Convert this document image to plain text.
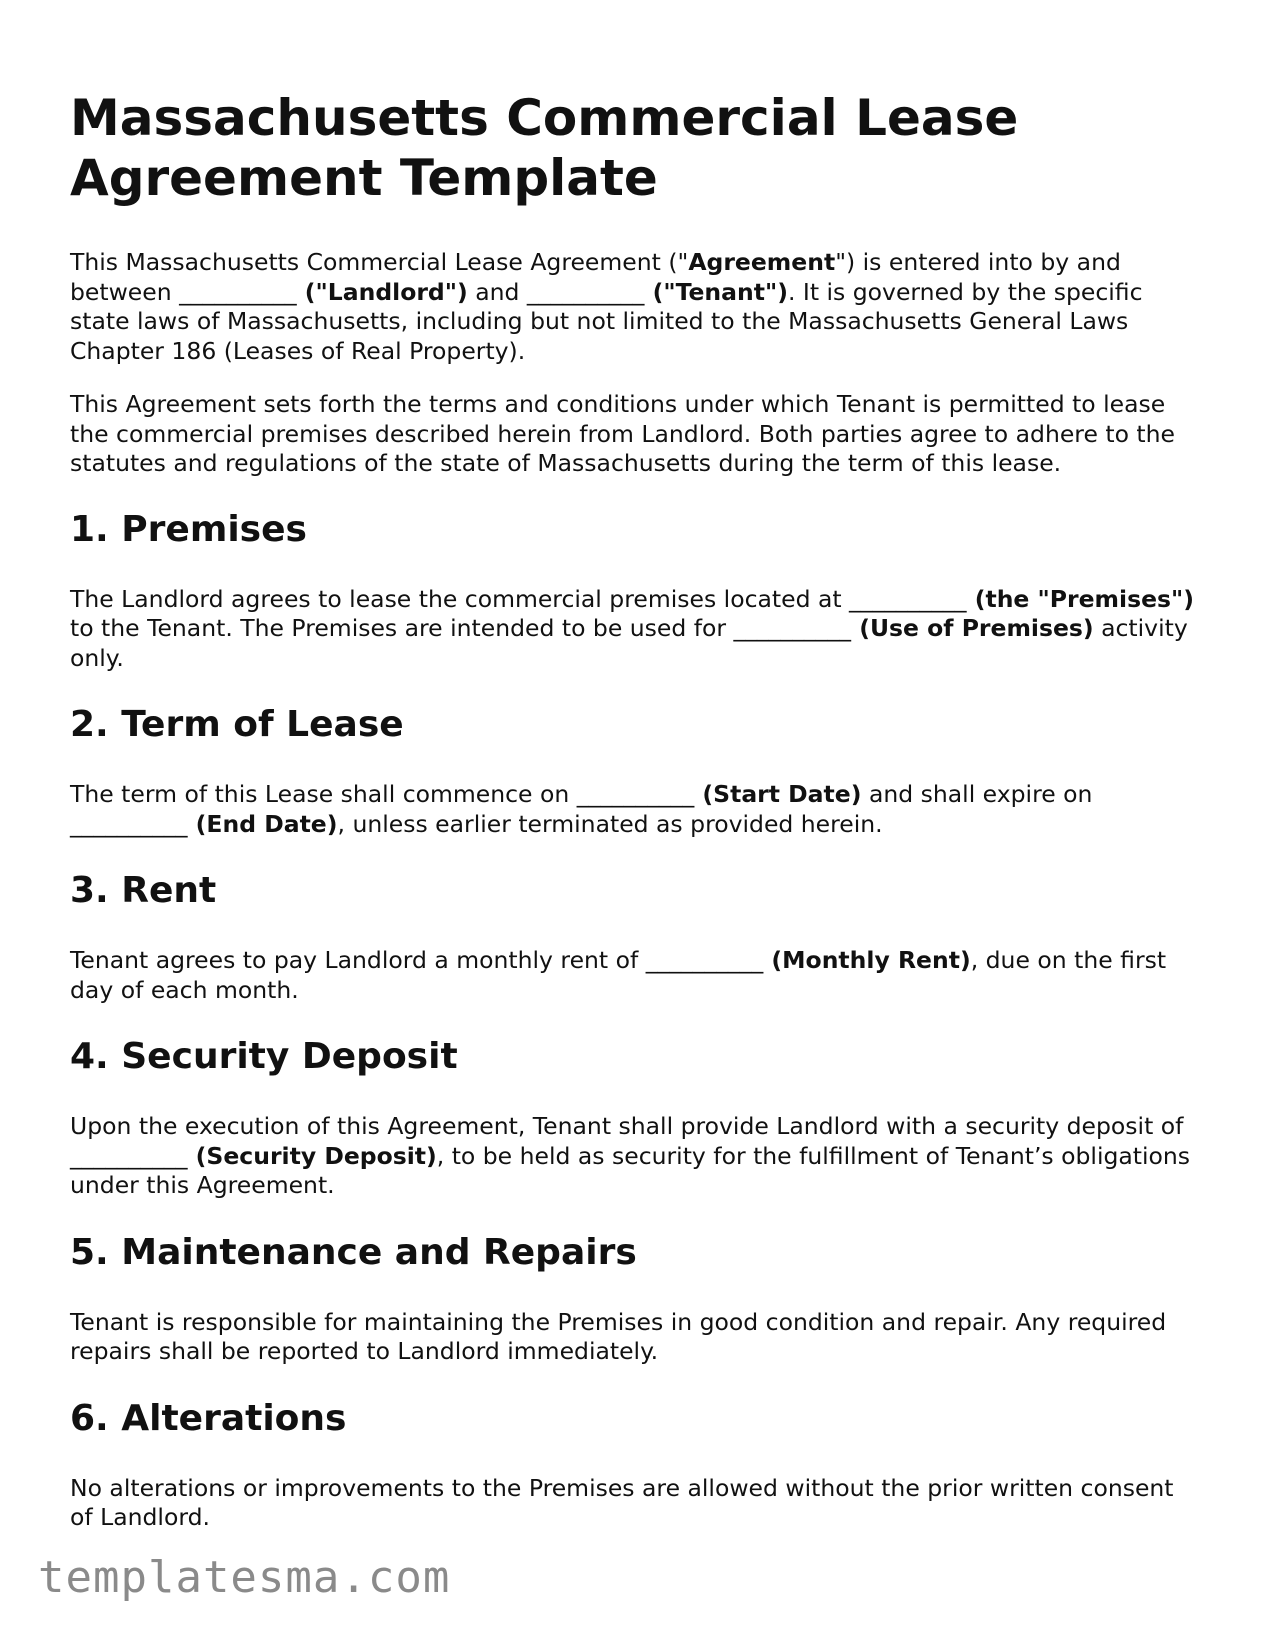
Massachusetts Commercial Lease Agreement Template

This Massachusetts Commercial Lease Agreement ("Agreement") is entered into by and between __________ ("Landlord") and __________ ("Tenant"). It is governed by the specific state laws of Massachusetts, including but not limited to the Massachusetts General Laws Chapter 186 (Leases of Real Property).

This Agreement sets forth the terms and conditions under which Tenant is permitted to lease the commercial premises described herein from Landlord. Both parties agree to adhere to the statutes and regulations of the state of Massachusetts during the term of this lease.

1. Premises

The Landlord agrees to lease the commercial premises located at __________ (the "Premises") to the Tenant. The Premises are intended to be used for __________ (Use of Premises) activity only.

2. Term of Lease

The term of this Lease shall commence on __________ (Start Date) and shall expire on __________ (End Date), unless earlier terminated as provided herein.

3. Rent

Tenant agrees to pay Landlord a monthly rent of __________ (Monthly Rent), due on the first day of each month.

4. Security Deposit

Upon the execution of this Agreement, Tenant shall provide Landlord with a security deposit of __________ (Security Deposit), to be held as security for the fulfillment of Tenant’s obligations under this Agreement.

5. Maintenance and Repairs

Tenant is responsible for maintaining the Premises in good condition and repair. Any required repairs shall be reported to Landlord immediately.

6. Alterations

No alterations or improvements to the Premises are allowed without the prior written consent of Landlord.

templatesma.com
